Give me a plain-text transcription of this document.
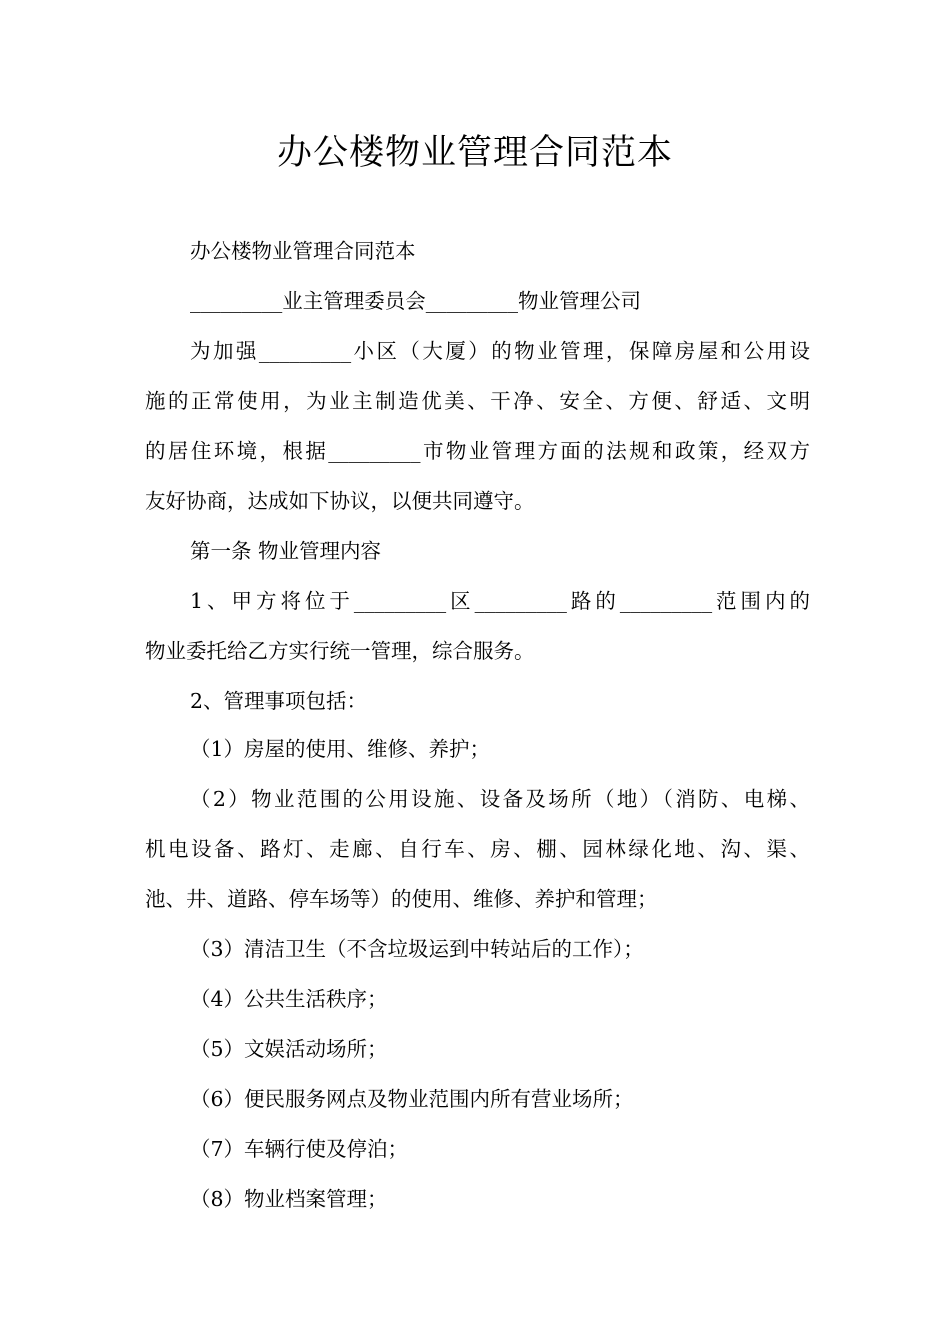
办公楼物业管理合同范本

办公楼物业管理合同范本

_________业主管理委员会_________物业管理公司

为加强_________小区（大厦）的物业管理，保障房屋和公用设

施的正常使用，为业主制造优美、干净、安全、方便、舒适、文明

的居住环境，根据_________市物业管理方面的法规和政策，经双方

友好协商，达成如下协议，以便共同遵守。

第一条 物业管理内容

1、甲方将位于_________区_________路的_________范围内的

物业委托给乙方实行统一管理，综合服务。

2、管理事项包括：

（1）房屋的使用、维修、养护；

（2）物业范围的公用设施、设备及场所（地）（消防、电梯、

机电设备、路灯、走廊、自行车、房、棚、园林绿化地、沟、渠、

池、井、道路、停车场等）的使用、维修、养护和管理；

（3）清洁卫生（不含垃圾运到中转站后的工作）；

（4）公共生活秩序；

（5）文娱活动场所；

（6）便民服务网点及物业范围内所有营业场所；

（7）车辆行使及停泊；

（8）物业档案管理；
